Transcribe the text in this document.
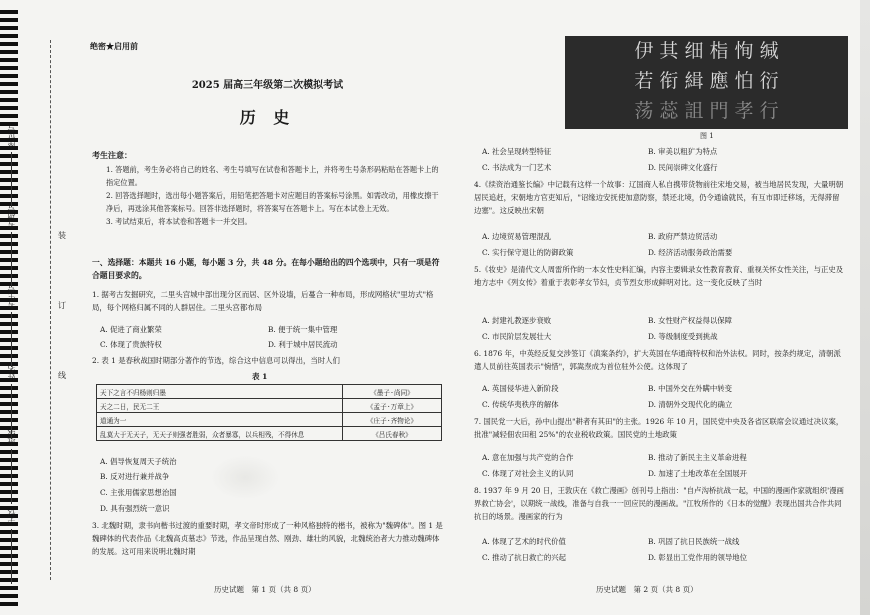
座位号
考场号
考生号
姓名
班级
学校
装
订
线
绝密★启用前
2025 届高三年级第二次模拟考试
历 史
考生注意：
1. 答题前，考生务必将自己的姓名、考生号填写在试卷和答题卡上，并将考生号条形码粘贴在答题卡上的指定位置。
2. 回答选择题时，选出每小题答案后，用铅笔把答题卡对应题目的答案标号涂黑。如需改动，用橡皮擦干净后，再选涂其他答案标号。回答非选择题时，将答案写在答题卡上。写在本试卷上无效。
3. 考试结束后，将本试卷和答题卡一并交回。
一、选择题：本题共 16 小题，每小题 3 分，共 48 分。在每小题给出的四个选项中，只有一项是符合题目要求的。
1. 据考古发掘研究，二里头宫城中部出现分区而居、区外设墙，后蔓合一种布局，形成网格状"里坊式"格局，每个网格归属不同的人群居住。二里头宫都布局
A. 促进了商业繁荣	B. 便于统一集中管理
C. 体现了贵族特权	D. 利于城中居民流动
2. 表 1 是春秋战国时期部分著作的节选，综合这中信息可以得出，当时人们
表 1
天下之言不归杨则归墨	《墨子·尚同》
天之二日，民无二王	《孟子·万章上》
道通为一	《庄子·齐物论》
乱莫大于无天子，无天子则强者胜弱，众者暴寡，以兵相残，不得休息	《吕氏春秋》
A. 倡导恢复周天子统治
B. 反对进行兼并战争
C. 主张用儒家思想治国
D. 具有强烈统一意识
3. 北魏时期，隶书向楷书过渡的重要时期，孝文帝时形成了一种风格独特的楷书，被称为"魏碑体"。图 1 是魏碑体的代表作品《北魏高贞墓志》节选，作品呈现自然、刚劲、雄壮的风貌，北魏统治者大力推动魏碑体的发展。这可用来说明北魏时期
历史试题　第 1 页（共 8 页）
伊 其 细 栺 恂 缄
若 衔 緝 應 怕 衍
荡 蕊 詛 門 孝 行
图 1
A. 社会呈现转型特征	B. 审美以粗犷为特点
C. 书法成为一门艺术	D. 民间崇碑文化盛行
4.《续资治通鉴长编》中记载有这样一个故事：辽国商人私自携带货物前往宋地交易，被当地居民发现，大量明朝居民追赶，宋朝地方官吏知后，"诏缘边安抚使加意防察，禁还北境，仍令通谕就民，有互市即迁移场，无得滞留边塞"。这反映出宋朝
A. 边境贸易管理混乱	B. 政府严禁边贸活动
C. 实行保守退让的防御政策	D. 经济活动服务政治需要
5.《妆史》是清代文人周雷所作的一本女性史料汇编，内容主要辑录女性教育教育、重视关怀女性关注，与正史及地方志中《列女传》着重于表彰孝女节妇，贞节烈女形成鲜明对比。这一变化反映了当时
A. 封建礼教逐步衰败	B. 女性财产权益得以保障
C. 市民阶层发展壮大	D. 等级制度受到挑战
6. 1876 年，中英经反复交涉签订《滇案条约》，扩大英国在华通商特权和治外法权。同时，按条约规定，清朝派遣人员前往英国表示"惋惜"，郭嵩焘成为首位驻外公使。这体现了
A. 英国侵华进入新阶段	B. 中国外交在外瞒中转变
C. 传统华夷秩序的解体	D. 清朝外交现代化的确立
7. 国民党一大后，孙中山提出"耕者有其田"的主张。1926 年 10 月，国民党中央及各省区联席会议通过决议案，批准"减轻佃农田租 25%"的农业税收政策。国民党的土地政策
A. 意在加强与共产党的合作	B. 推动了新民主主义革命进程
C. 体现了对社会主义的认同	D. 加速了土地改革在全国展开
8. 1937 年 9 月 20 日，王敦庆在《救亡漫画》创刊号上指出："自卢沟桥抗战一起，中国的漫画作家就组织'漫画界救亡协会'，以期统一战线，准备与自我一一回应民的漫画战。"江牧所作的《日本的觉醒》表现出国共合作共同抗日的场景。漫画家的行为
A. 体现了艺术的时代价值	B. 巩固了抗日民族统一战线
C. 推动了抗日救亡的兴起	D. 彰显出工党作用的领导地位
历史试题　第 2 页（共 8 页）
